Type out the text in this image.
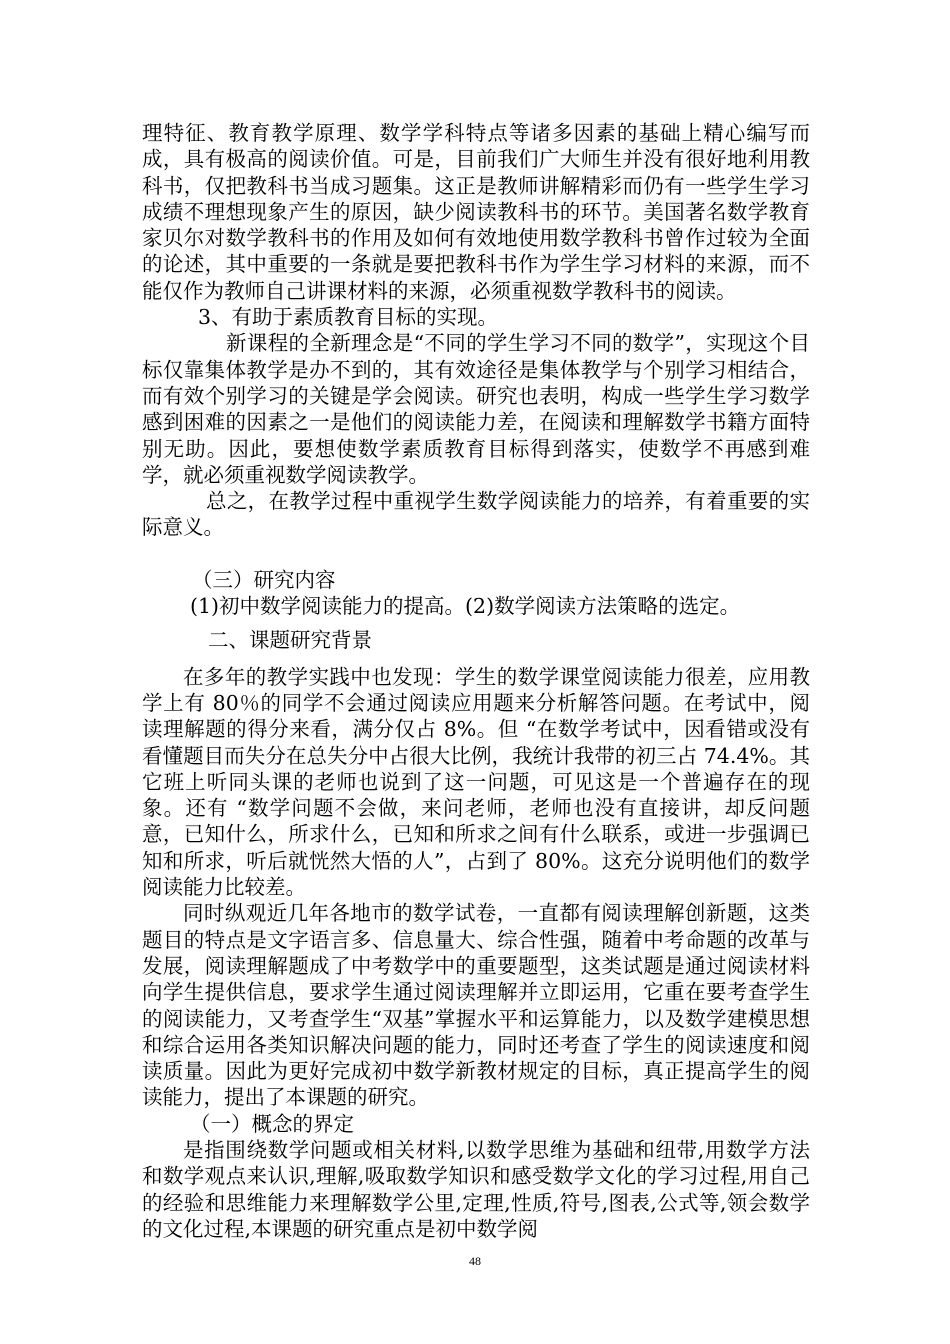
理特征、教育教学原理、数学学科特点等诸多因素的基础上精心编写而成，具有极高的阅读价值。可是，目前我们广大师生并没有很好地利用教科书，仅把教科书当成习题集。这正是教师讲解精彩而仍有一些学生学习成绩不理想现象产生的原因，缺少阅读教科书的环节。美国著名数学教育家贝尔对数学教科书的作用及如何有效地使用数学教科书曾作过较为全面的论述，其中重要的一条就是要把教科书作为学生学习材料的来源，而不能仅作为教师自己讲课材料的来源，必须重视数学教科书的阅读。

3、有助于素质教育目标的实现。

新课程的全新理念是“不同的学生学习不同的数学”，实现这个目标仅靠集体教学是办不到的，其有效途径是集体教学与个别学习相结合，而有效个别学习的关键是学会阅读。研究也表明，构成一些学生学习数学感到困难的因素之一是他们的阅读能力差，在阅读和理解数学书籍方面特别无助。因此，要想使数学素质教育目标得到落实，使数学不再感到难学，就必须重视数学阅读教学。

总之，在教学过程中重视学生数学阅读能力的培养，有着重要的实际意义。

（三）研究内容

(1)初中数学阅读能力的提高。(2)数学阅读方法策略的选定。

二、课题研究背景

在多年的教学实践中也发现：学生的数学课堂阅读能力很差，应用教学上有 80％的同学不会通过阅读应用题来分析解答问题。在考试中，阅读理解题的得分来看，满分仅占 8%。但 “在数学考试中，因看错或没有看懂题目而失分在总失分中占很大比例，我统计我带的初三占 74.4%。其它班上听同头课的老师也说到了这一问题，可见这是一个普遍存在的现象。还有 “数学问题不会做，来问老师，老师也没有直接讲，却反问题意，已知什么，所求什么，已知和所求之间有什么联系，或进一步强调已知和所求，听后就恍然大悟的人”，占到了 80%。这充分说明他们的数学阅读能力比较差。

同时纵观近几年各地市的数学试卷，一直都有阅读理解创新题，这类题目的特点是文字语言多、信息量大、综合性强，随着中考命题的改革与发展，阅读理解题成了中考数学中的重要题型，这类试题是通过阅读材料向学生提供信息，要求学生通过阅读理解并立即运用，它重在要考查学生的阅读能力，又考查学生“双基”掌握水平和运算能力，以及数学建模思想和综合运用各类知识解决问题的能力，同时还考查了学生的阅读速度和阅读质量。因此为更好完成初中数学新教材规定的目标，真正提高学生的阅读能力，提出了本课题的研究。

（一）概念的界定

是指围绕数学问题或相关材料,以数学思维为基础和纽带,用数学方法和数学观点来认识,理解,吸取数学知识和感受数学文化的学习过程,用自己的经验和思维能力来理解数学公里,定理,性质,符号,图表,公式等,领会数学的文化过程,本课题的研究重点是初中数学阅

48
